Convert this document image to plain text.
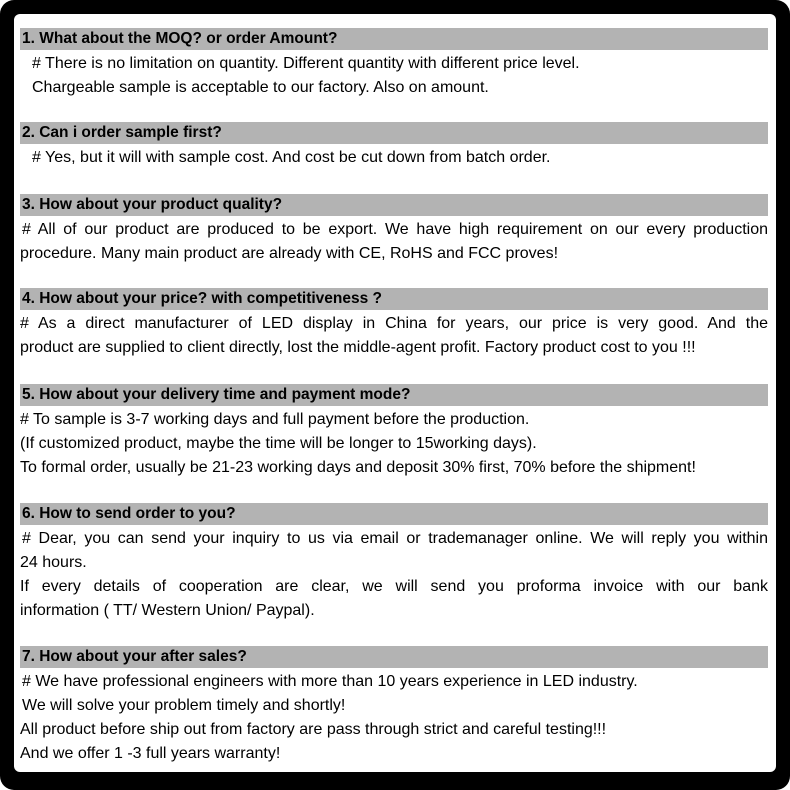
1. What about the MOQ? or order Amount?
# There is no limitation on quantity. Different quantity with different price level.
Chargeable sample is acceptable to our factory. Also on amount.
2. Can i order sample first?
# Yes, but it will with sample cost. And cost be cut down from batch order.
3. How about your product quality?
# All of our product are produced to be export. We have high requirement on our every production
procedure. Many main product are already with CE, RoHS and FCC proves!
4. How about your price? with competitiveness ?
# As a direct manufacturer of LED display in China for years, our price is very good. And the
product are supplied to client directly, lost the middle-agent profit. Factory product cost to you !!!
5. How about your delivery time and payment mode?
# To sample is 3-7 working days and full payment before the production.
(If customized product, maybe the time will be longer to 15working days).
To formal order, usually be 21-23 working days and deposit 30% first, 70% before the shipment!
6. How to send order to you?
# Dear, you can send your inquiry to us via email or trademanager online. We will reply you within
24 hours.
If every details of cooperation are clear, we will send you proforma invoice with our bank
information ( TT/ Western Union/ Paypal).
7. How about your after sales?
# We have professional engineers with more than 10 years experience in LED industry.
We will solve your problem timely and shortly!
All product before ship out from factory are pass through strict and careful testing!!!
And we offer 1 -3 full years warranty!
